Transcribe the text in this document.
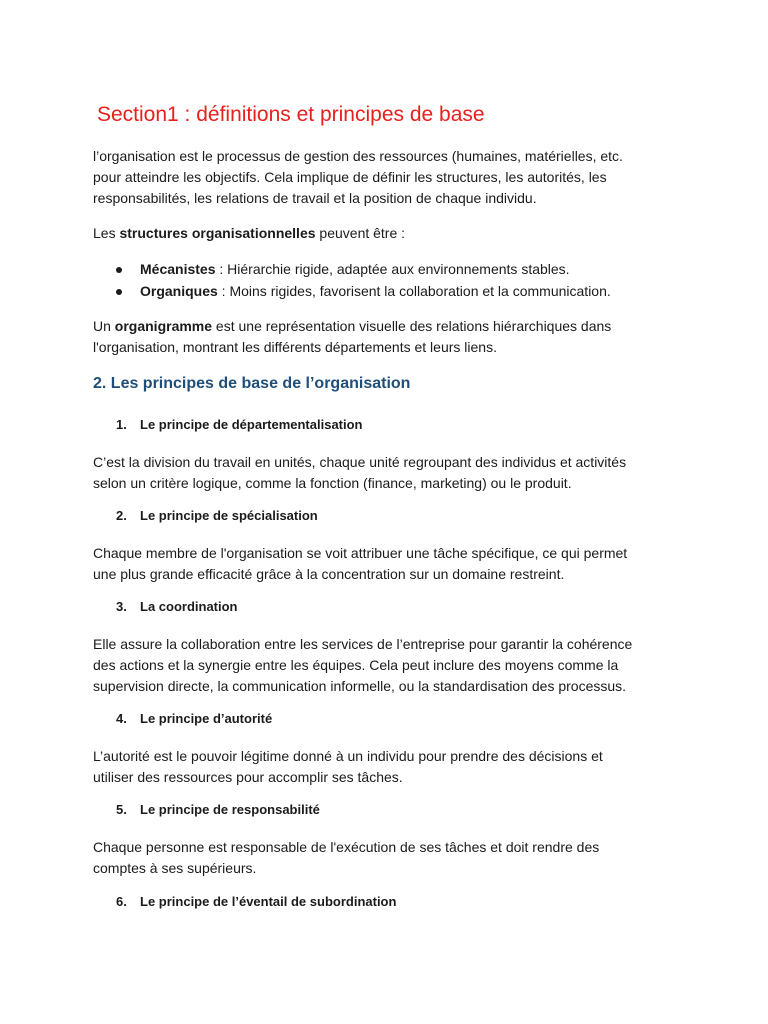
Section1 : définitions et principes de base
l’organisation est le processus de gestion des ressources (humaines, matérielles, etc.
pour atteindre les objectifs. Cela implique de définir les structures, les autorités, les
responsabilités, les relations de travail et la position de chaque individu.
Les structures organisationnelles peuvent être :
Mécanistes : Hiérarchie rigide, adaptée aux environnements stables.
Organiques : Moins rigides, favorisent la collaboration et la communication.
Un organigramme est une représentation visuelle des relations hiérarchiques dans
l'organisation, montrant les différents départements et leurs liens.
2. Les principes de base de l’organisation
1. Le principe de départementalisation
C’est la division du travail en unités, chaque unité regroupant des individus et activités
selon un critère logique, comme la fonction (finance, marketing) ou le produit.
2. Le principe de spécialisation
Chaque membre de l'organisation se voit attribuer une tâche spécifique, ce qui permet
une plus grande efficacité grâce à la concentration sur un domaine restreint.
3. La coordination
Elle assure la collaboration entre les services de l’entreprise pour garantir la cohérence
des actions et la synergie entre les équipes. Cela peut inclure des moyens comme la
supervision directe, la communication informelle, ou la standardisation des processus.
4. Le principe d’autorité
L’autorité est le pouvoir légitime donné à un individu pour prendre des décisions et
utiliser des ressources pour accomplir ses tâches.
5. Le principe de responsabilité
Chaque personne est responsable de l'exécution de ses tâches et doit rendre des
comptes à ses supérieurs.
6. Le principe de l’éventail de subordination
